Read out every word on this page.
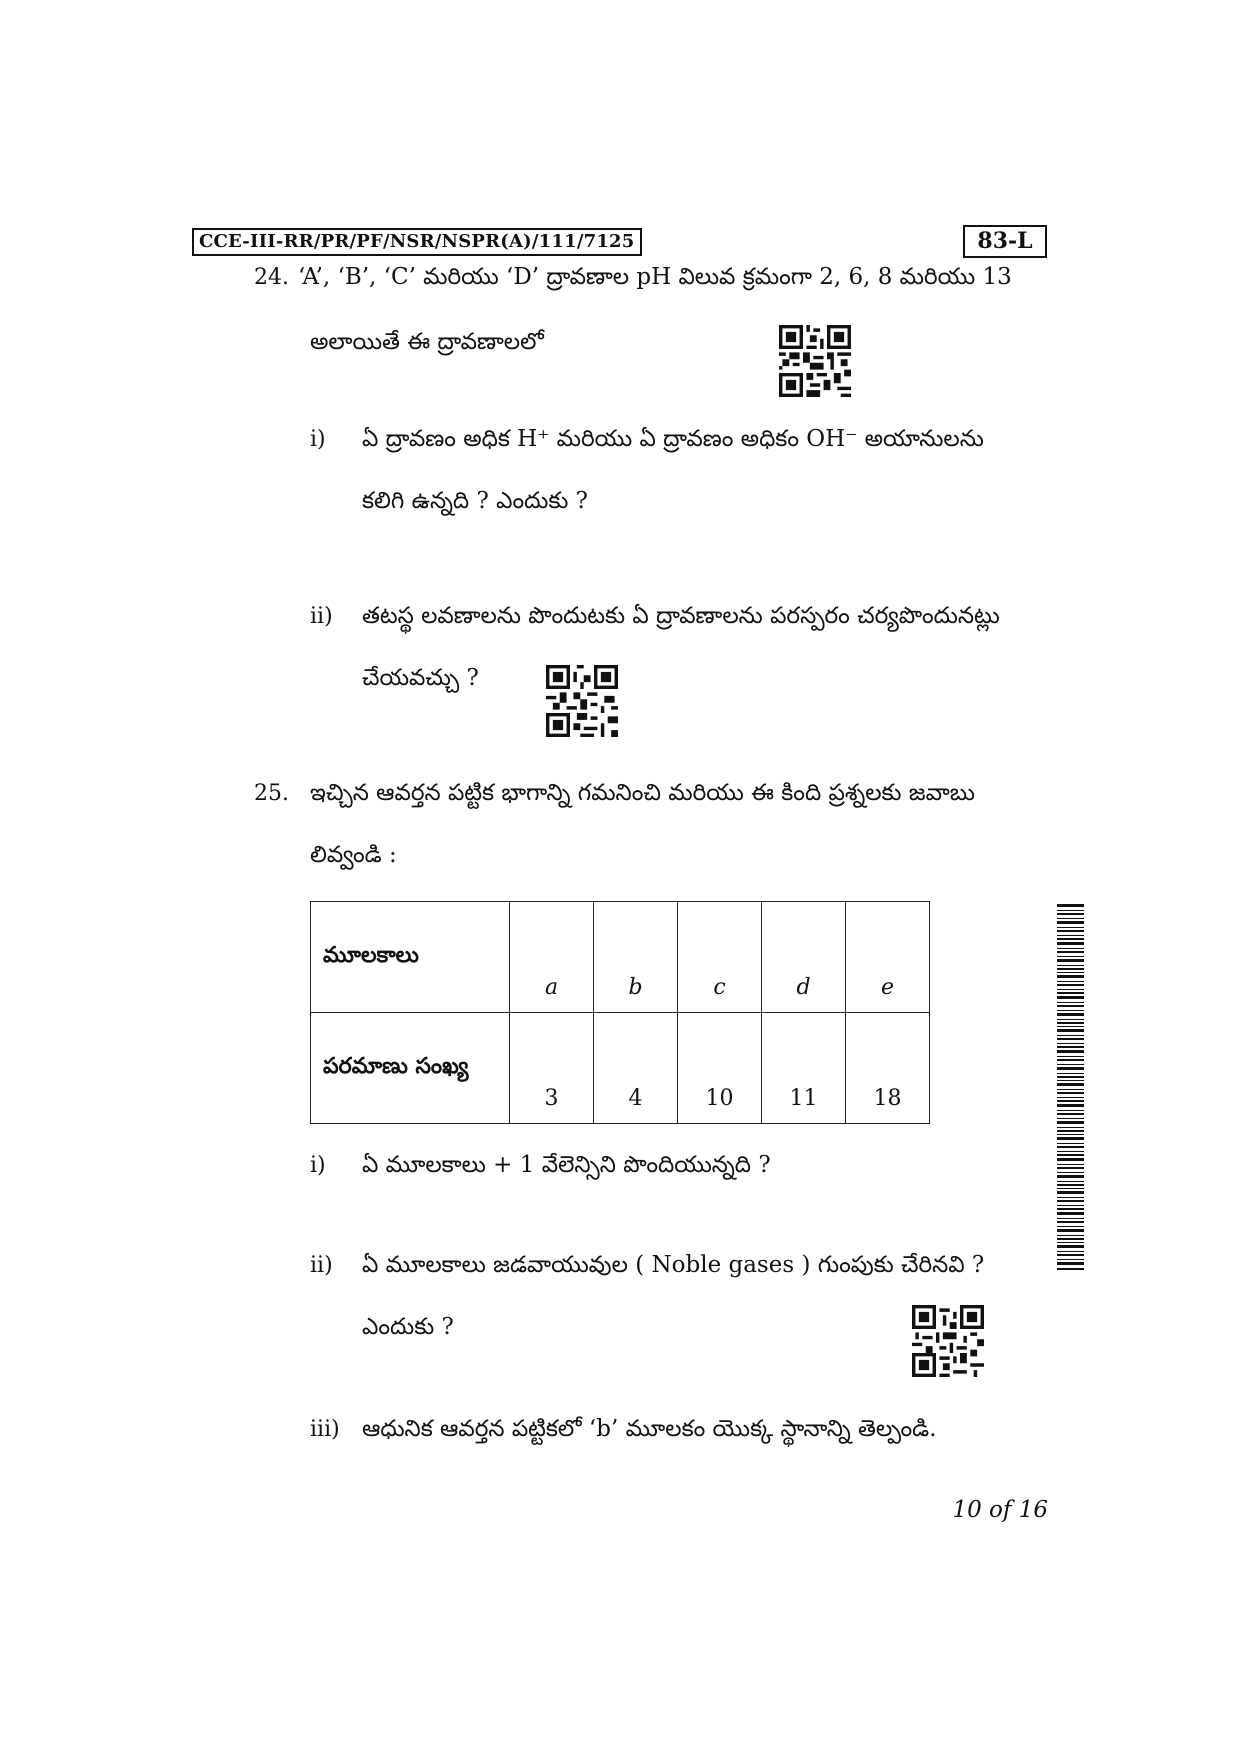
CCE-III-RR/PR/PF/NSR/NSPR(A)/111/7125	83-L
24. ‘A’, ‘B’, ‘C’ మరియు ‘D’ ద్రావణాల pH విలువ క్రమంగా 2, 6, 8 మరియు 13
అలాయితే ఈ ద్రావణాలలో
i) ఏ ద్రావణం అధిక H⁺ మరియు ఏ ద్రావణం అధికం OH⁻ అయానులను
కలిగి ఉన్నది ? ఎందుకు ?
ii) తటస్థ లవణాలను పొందుటకు ఏ ద్రావణాలను పరస్పరం చర్యపొందునట్లు
చేయవచ్చు ?
25. ఇచ్చిన ఆవర్తన పట్టిక భాగాన్ని గమనించి మరియు ఈ కింది ప్రశ్నలకు జవాబు
లివ్వండి :
మూలకాలు	a	b	c	d	e
పరమాణు సంఖ్య	3	4	10	11	18
i) ఏ మూలకాలు + 1 వేలెన్సిని పొందియున్నది ?
ii) ఏ మూలకాలు జడవాయువుల ( Noble gases ) గుంపుకు చేరినవి ?
ఎందుకు ?
iii) ఆధునిక ఆవర్తన పట్టికలో ‘b’ మూలకం యొక్క స్థానాన్ని తెల్పండి.
10 of 16
